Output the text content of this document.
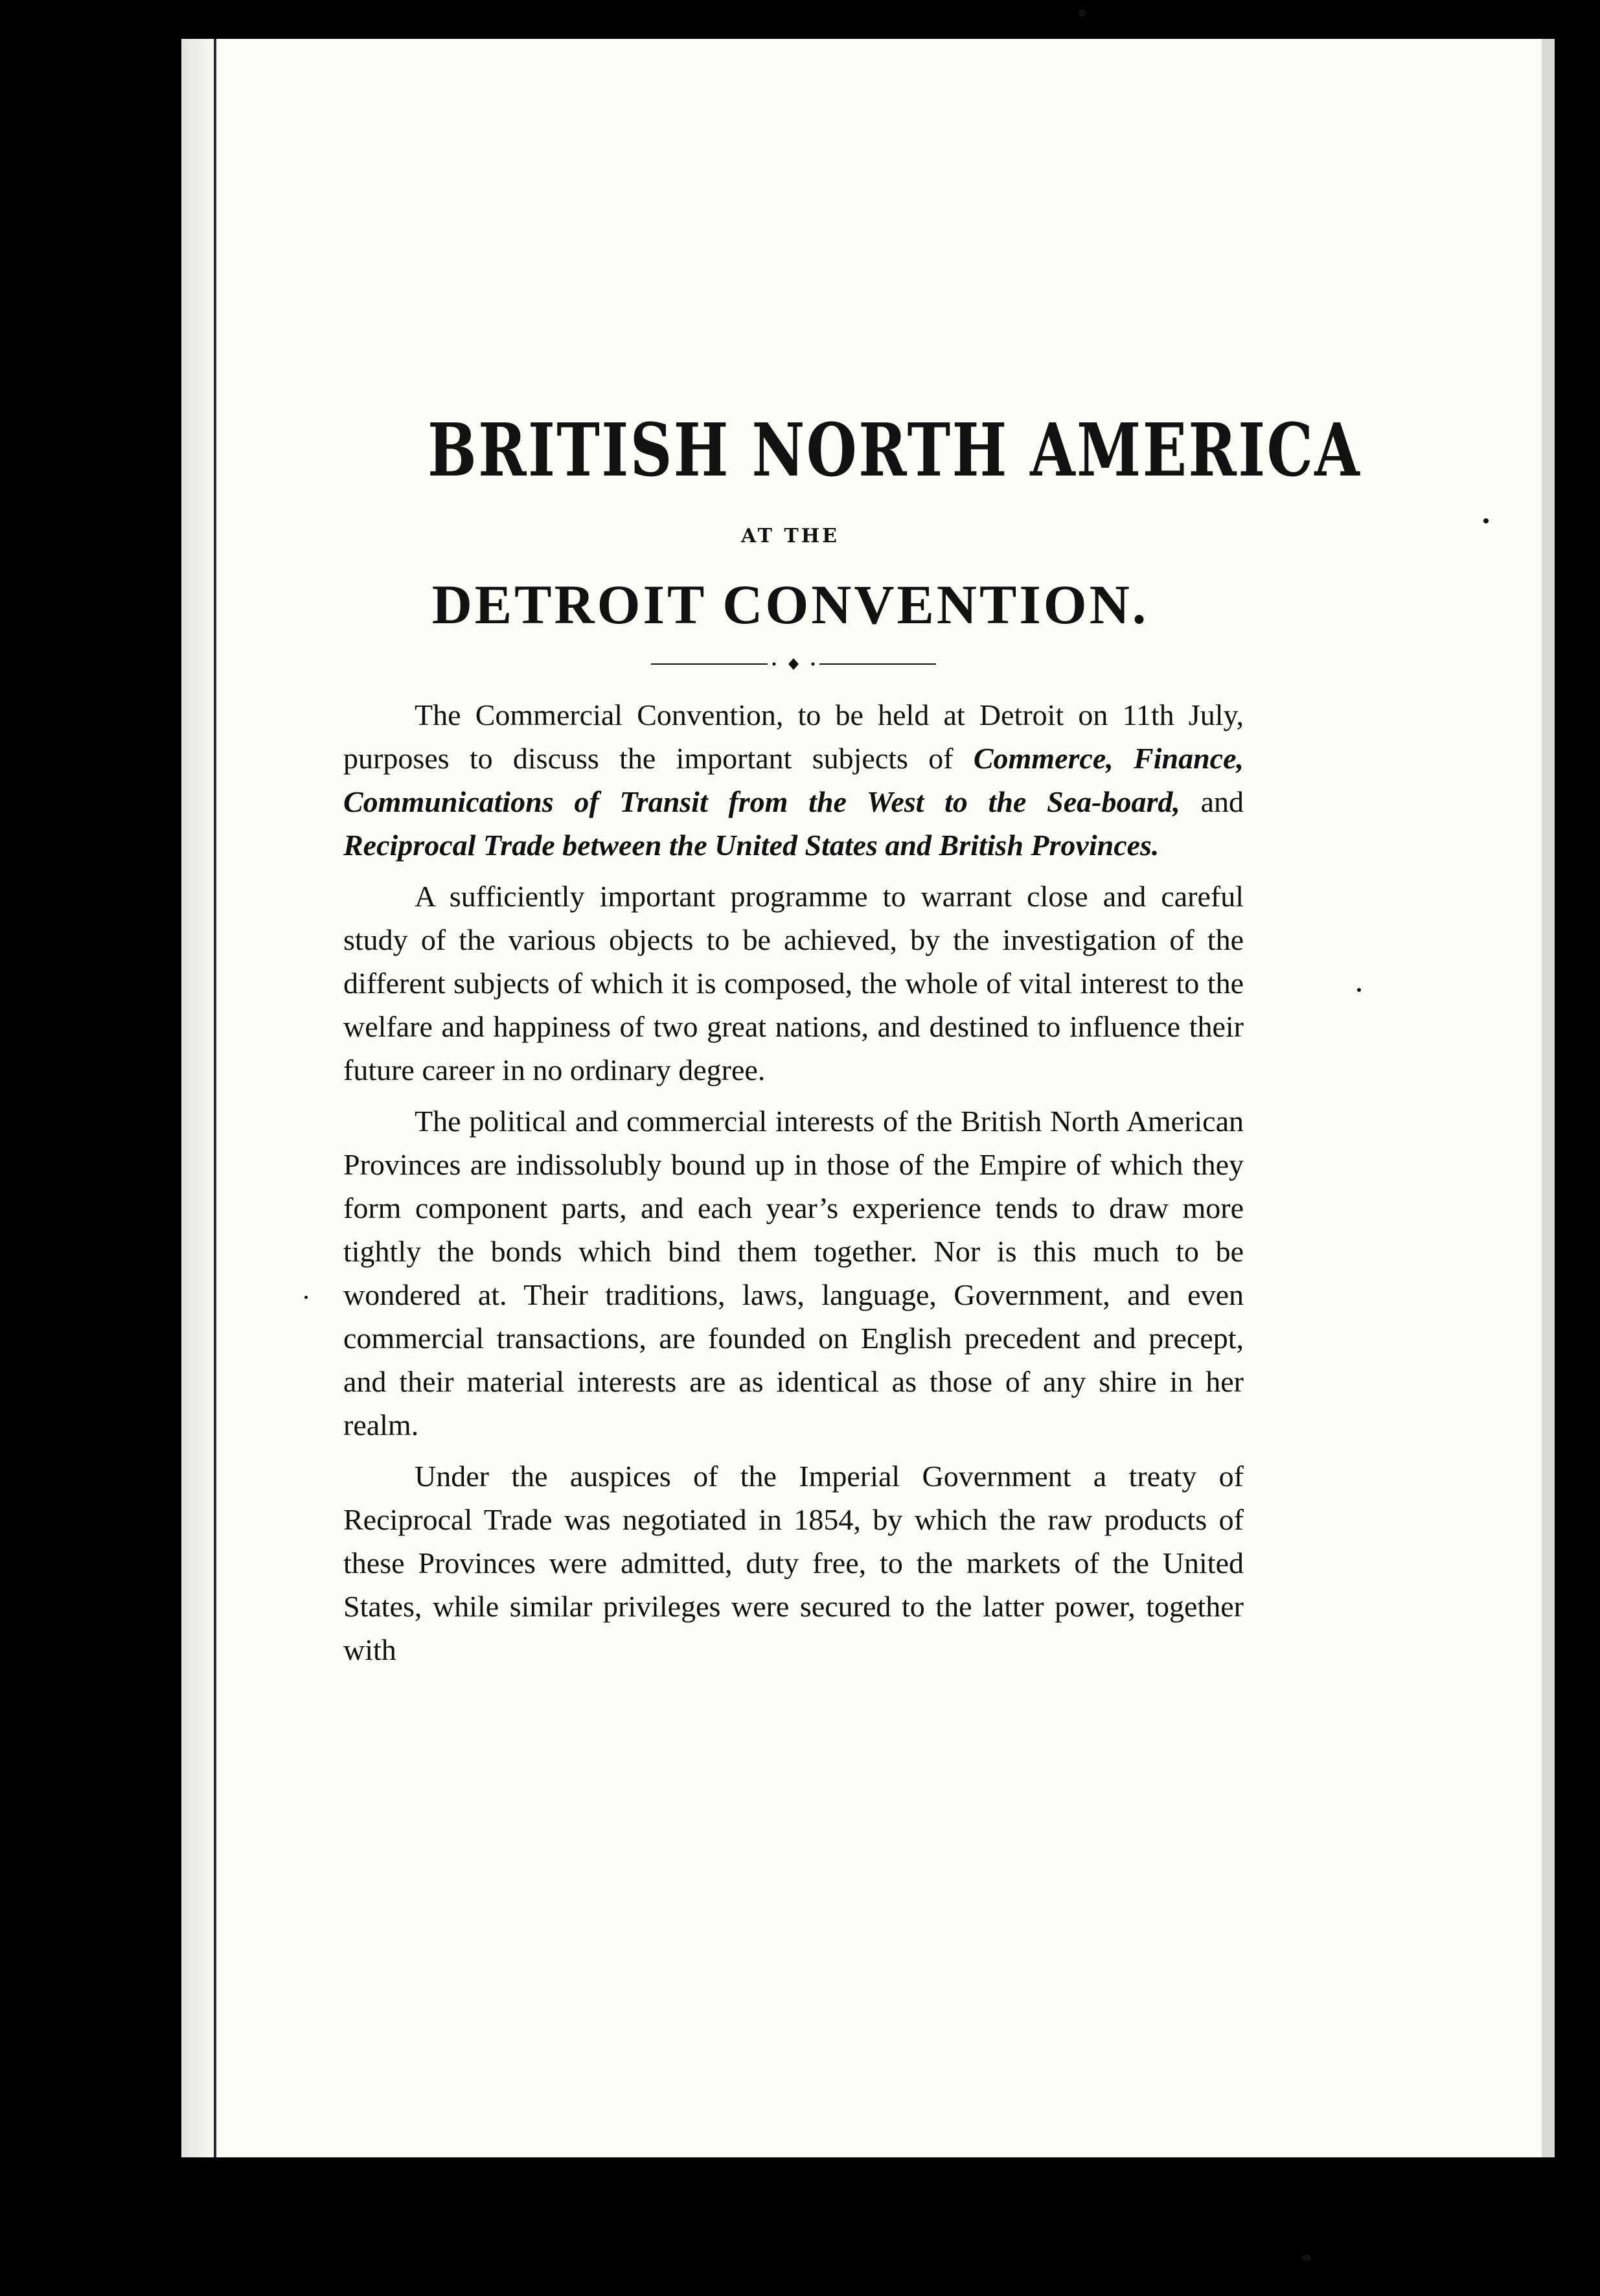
BRITISH NORTH AMERICA
AT THE
DETROIT CONVENTION.

The Commercial Convention, to be held at Detroit on 11th July, purposes to discuss the important subjects of Commerce, Finance, Communications of Transit from the West to the Sea-board, and Reciprocal Trade between the United States and British Provinces.

A sufficiently important programme to warrant close and careful study of the various objects to be achieved, by the investigation of the different subjects of which it is composed, the whole of vital interest to the welfare and happiness of two great nations, and destined to influence their future career in no ordinary degree.

The political and commercial interests of the British North American Provinces are indissolubly bound up in those of the Empire of which they form component parts, and each year’s experience tends to draw more tightly the bonds which bind them together. Nor is this much to be wondered at. Their traditions, laws, language, Government, and even commercial transactions, are founded on English precedent and precept, and their material interests are as identical as those of any shire in her realm.

Under the auspices of the Imperial Government a treaty of Reciprocal Trade was negotiated in 1854, by which the raw products of these Provinces were admitted, duty free, to the markets of the United States, while similar privileges were secured to the latter power, together with
